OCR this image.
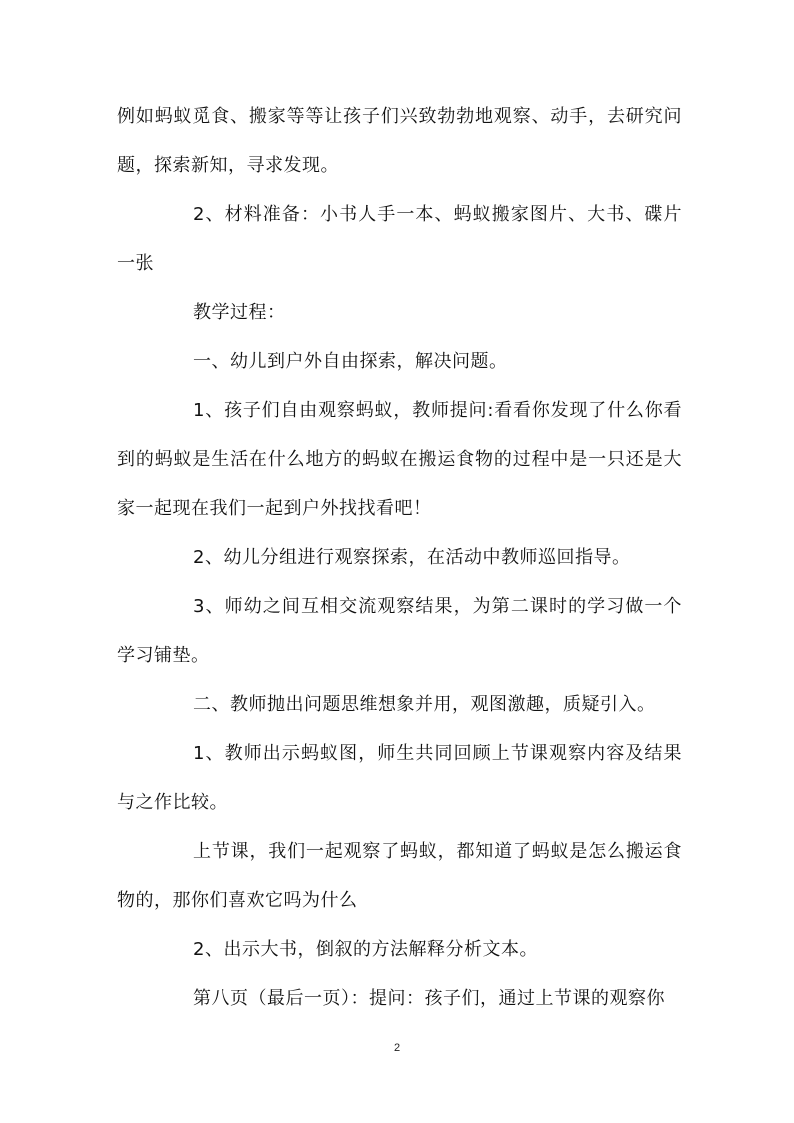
例如蚂蚁觅食、搬家等等让孩子们兴致勃勃地观察、动手，去研究问题，探索新知，寻求发现。

2、材料准备：小书人手一本、蚂蚁搬家图片、大书、碟片一张

教学过程：

一、幼儿到户外自由探索，解决问题。

1、孩子们自由观察蚂蚁，教师提问:看看你发现了什么你看到的蚂蚁是生活在什么地方的蚂蚁在搬运食物的过程中是一只还是大家一起现在我们一起到户外找找看吧！

2、幼儿分组进行观察探索，在活动中教师巡回指导。

3、师幼之间互相交流观察结果，为第二课时的学习做一个学习铺垫。

二、教师抛出问题思维想象并用，观图激趣，质疑引入。

1、教师出示蚂蚁图，师生共同回顾上节课观察内容及结果与之作比较。

上节课，我们一起观察了蚂蚁，都知道了蚂蚁是怎么搬运食物的，那你们喜欢它吗为什么

2、出示大书，倒叙的方法解释分析文本。

第八页（最后一页）：提问：孩子们，通过上节课的观察你

2
